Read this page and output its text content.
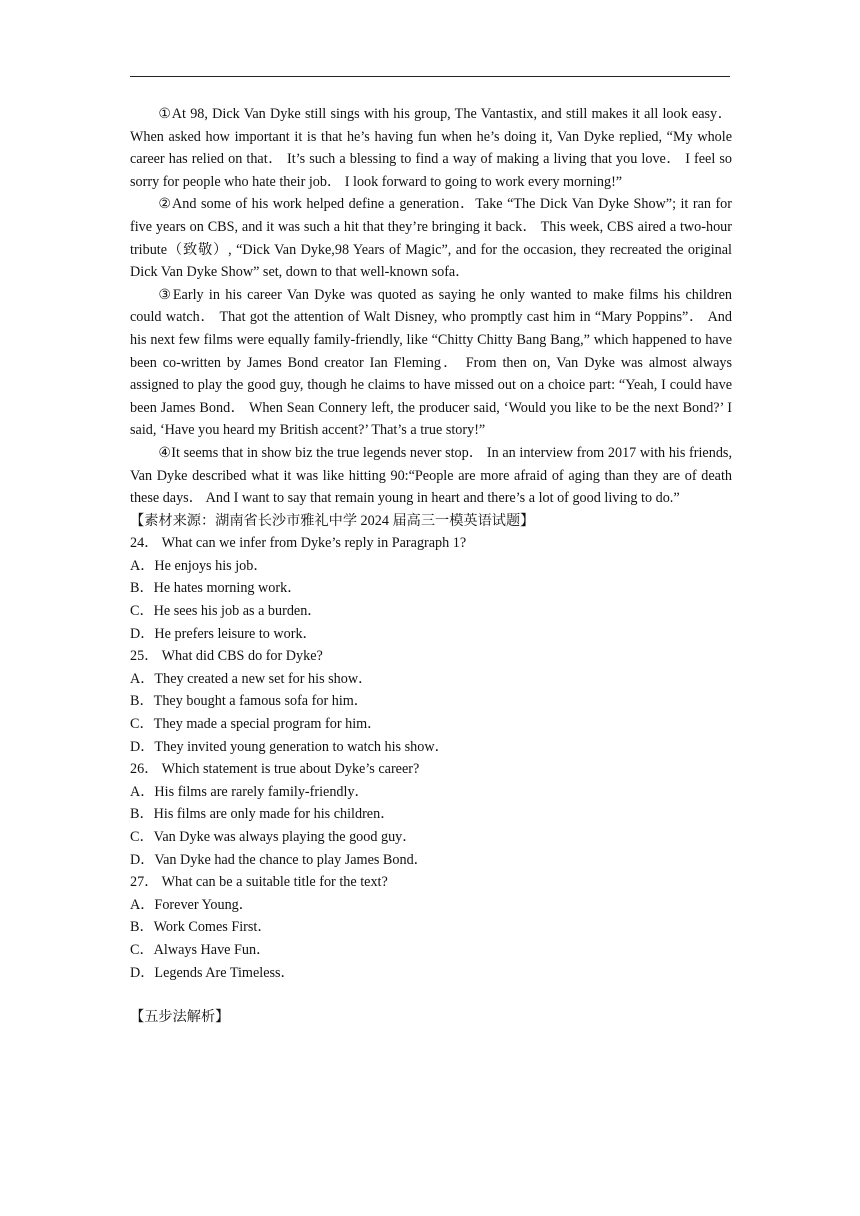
①At 98, Dick Van Dyke still sings with his group, The Vantastix, and still makes it all look easy． When asked how important it is that he’s having fun when he’s doing it, Van Dyke replied, “My whole career has relied on that． It’s such a blessing to find a way of making a living that you love． I feel so sorry for people who hate their job． I look forward to going to work every morning!”

②And some of his work helped define a generation．Take “The Dick Van Dyke Show”; it ran for five years on CBS, and it was such a hit that they’re bringing it back． This week, CBS aired a two-hour tribute（致敬）, “Dick Van Dyke,98 Years of Magic”, and for the occasion, they recreated the original Dick Van Dyke Show” set, down to that well-known sofa．

③Early in his career Van Dyke was quoted as saying he only wanted to make films his children could watch． That got the attention of Walt Disney, who promptly cast him in “Mary Poppins”． And his next few films were equally family-friendly, like “Chitty Chitty Bang Bang,” which happened to have been co-written by James Bond creator Ian Fleming． From then on, Van Dyke was almost always assigned to play the good guy, though he claims to have missed out on a choice part: “Yeah, I could have been James Bond． When Sean Connery left, the producer said, ‘Would you like to be the next Bond?’ I said, ‘Have you heard my British accent?’ That’s a true story!”

④It seems that in show biz the true legends never stop． In an interview from 2017 with his friends, Van Dyke described what it was like hitting 90:“People are more afraid of aging than they are of death these days． And I want to say that remain young in heart and there’s a lot of good living to do.”

【素材来源：湖南省长沙市雅礼中学 2024 届高三一模英语试题】

24． What can we infer from Dyke’s reply in Paragraph 1?

A．He enjoys his job．

B．He hates morning work．

C．He sees his job as a burden．

D．He prefers leisure to work．

25． What did CBS do for Dyke?

A．They created a new set for his show．

B．They bought a famous sofa for him．

C．They made a special program for him．

D．They invited young generation to watch his show．

26． Which statement is true about Dyke’s career?

A．His films are rarely family-friendly．

B．His films are only made for his children．

C．Van Dyke was always playing the good guy．

D．Van Dyke had the chance to play James Bond．

27． What can be a suitable title for the text?

A．Forever Young．

B．Work Comes First．

C．Always Have Fun．

D．Legends Are Timeless．

【五步法解析】
